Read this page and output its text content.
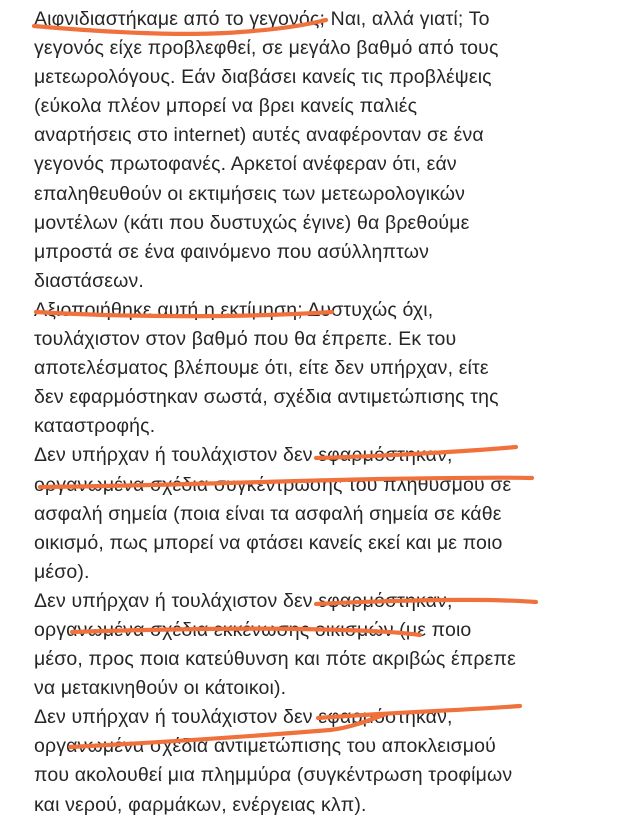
Αιφνιδιαστήκαμε από το γεγονός; Ναι, αλλά γιατί; Το
γεγονός είχε προβλεφθεί, σε μεγάλο βαθμό από τους
μετεωρολόγους. Εάν διαβάσει κανείς τις προβλέψεις
(εύκολα πλέον μπορεί να βρει κανείς παλιές
αναρτήσεις στο internet) αυτές αναφέρονταν σε ένα
γεγονός πρωτοφανές. Αρκετοί ανέφεραν ότι, εάν
επαληθευθούν οι εκτιμήσεις των μετεωρολογικών
μοντέλων (κάτι που δυστυχώς έγινε) θα βρεθούμε
μπροστά σε ένα φαινόμενο που ασύλληπτων
διαστάσεων.
Αξιοποιήθηκε αυτή η εκτίμηση; Δυστυχώς όχι,
τουλάχιστον στον βαθμό που θα έπρεπε. Εκ του
αποτελέσματος βλέπουμε ότι, είτε δεν υπήρχαν, είτε
δεν εφαρμόστηκαν σωστά, σχέδια αντιμετώπισης της
καταστροφής.
Δεν υπήρχαν ή τουλάχιστον δεν εφαρμόστηκαν,
οργανωμένα σχέδια συγκέντρωσης του πληθυσμού σε
ασφαλή σημεία (ποια είναι τα ασφαλή σημεία σε κάθε
οικισμό, πως μπορεί να φτάσει κανείς εκεί και με ποιο
μέσο).
Δεν υπήρχαν ή τουλάχιστον δεν εφαρμόστηκαν,
οργανωμένα σχέδια εκκένωσης οικισμών (με ποιο
μέσο, προς ποια κατεύθυνση και πότε ακριβώς έπρεπε
να μετακινηθούν οι κάτοικοι).
Δεν υπήρχαν ή τουλάχιστον δεν εφαρμόστηκαν,
οργανωμένα σχέδια αντιμετώπισης του αποκλεισμού
που ακολουθεί μια πλημμύρα (συγκέντρωση τροφίμων
και νερού, φαρμάκων, ενέργειας κλπ).
